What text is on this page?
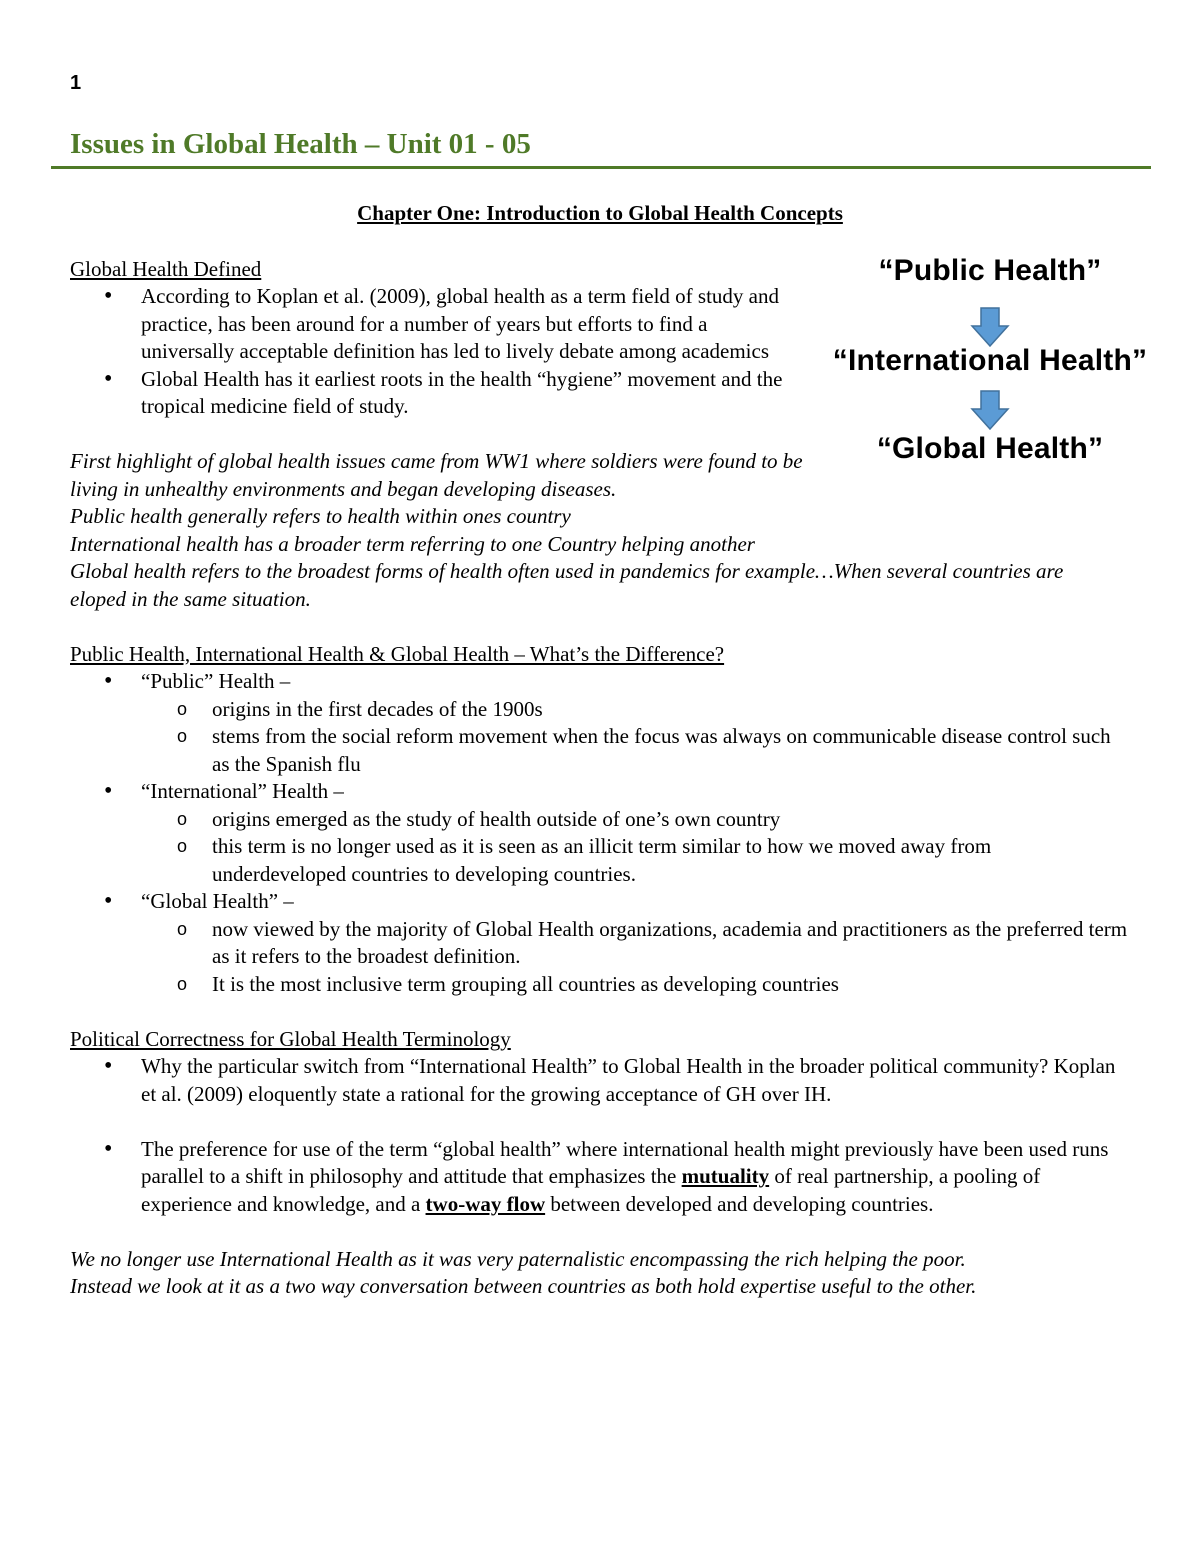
1
Issues in Global Health – Unit 01 - 05
“Public Health”
“International Health”
“Global Health”

Chapter One: Introduction to Global Health Concepts

Global Health Defined

• According to Koplan et al. (2009), global health as a term field of study and practice, has been around for a number of years but efforts to find a universally acceptable definition has led to lively debate among academics
• Global Health has it earliest roots in the health “hygiene” movement and the tropical medicine field of study.

First highlight of global health issues came from WW1 where soldiers were found to be living in unhealthy environments and began developing diseases.

Public health generally refers to health within ones country

International health has a broader term referring to one Country helping another

Global health refers to the broadest forms of health often used in pandemics for example…When several countries are eloped in the same situation.

Public Health, International Health & Global Health – What’s the Difference?

• “Public” Health –
o origins in the first decades of the 1900s
o stems from the social reform movement when the focus was always on communicable disease control such as the Spanish flu
• “International” Health –
o origins emerged as the study of health outside of one’s own country
o this term is no longer used as it is seen as an illicit term similar to how we moved away from underdeveloped countries to developing countries.
• “Global Health” –
o now viewed by the majority of Global Health organizations, academia and practitioners as the preferred term as it refers to the broadest definition.
o It is the most inclusive term grouping all countries as developing countries

Political Correctness for Global Health Terminology

• Why the particular switch from “International Health” to Global Health in the broader political community? Koplan et al. (2009) eloquently state a rational for the growing acceptance of GH over IH.
• The preference for use of the term “global health” where international health might previously have been used runs parallel to a shift in philosophy and attitude that emphasizes the mutuality of real partnership, a pooling of experience and knowledge, and a two-way flow between developed and developing countries.

We no longer use International Health as it was very paternalistic encompassing the rich helping the poor.

Instead we look at it as a two way conversation between countries as both hold expertise useful to the other.
